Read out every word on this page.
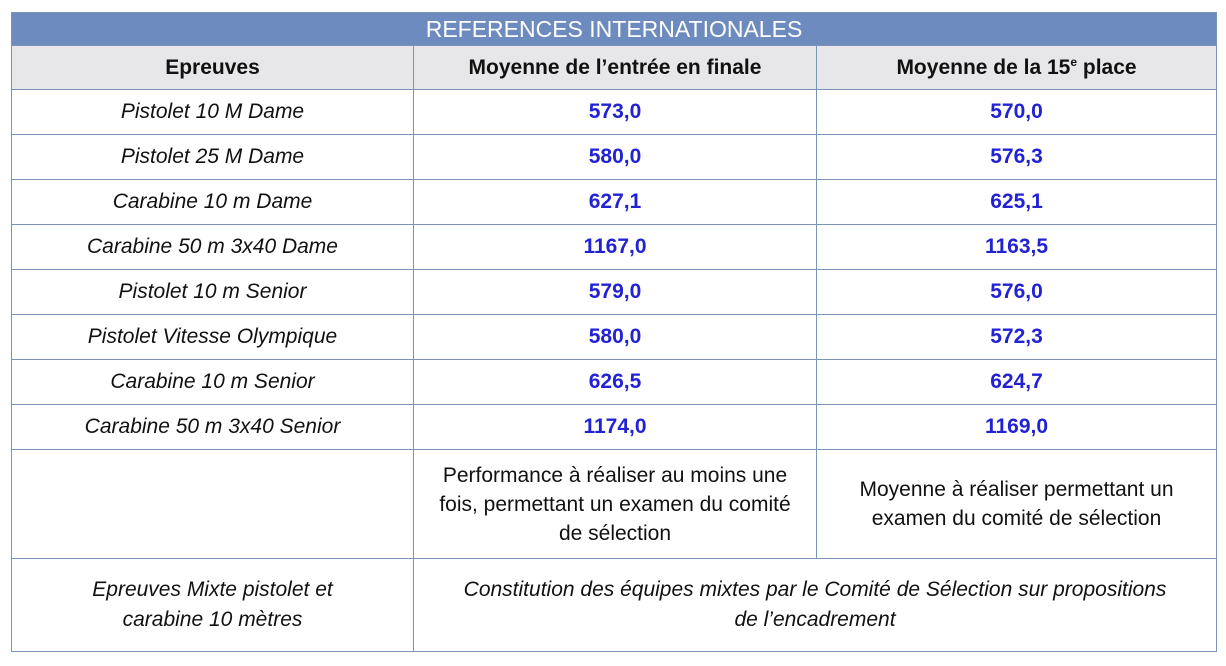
REFERENCES INTERNATIONALES		
Epreuves	Moyenne de l’entrée en finale	Moyenne de la 15e place
Pistolet 10 M Dame	573,0	570,0
Pistolet 25 M Dame	580,0	576,3
Carabine 10 m Dame	627,1	625,1
Carabine 50 m 3x40 Dame	1167,0	1163,5
Pistolet 10 m Senior	579,0	576,0
Pistolet Vitesse Olympique	580,0	572,3
Carabine 10 m Senior	626,5	624,7
Carabine 50 m 3x40 Senior	1174,0	1169,0
	Performance à réaliser au moins une fois, permettant un examen du comité de sélection	Moyenne à réaliser permettant un examen du comité de sélection
Epreuves Mixte pistolet et carabine 10 mètres	Constitution des équipes mixtes par le Comité de Sélection sur propositions de l’encadrement	
